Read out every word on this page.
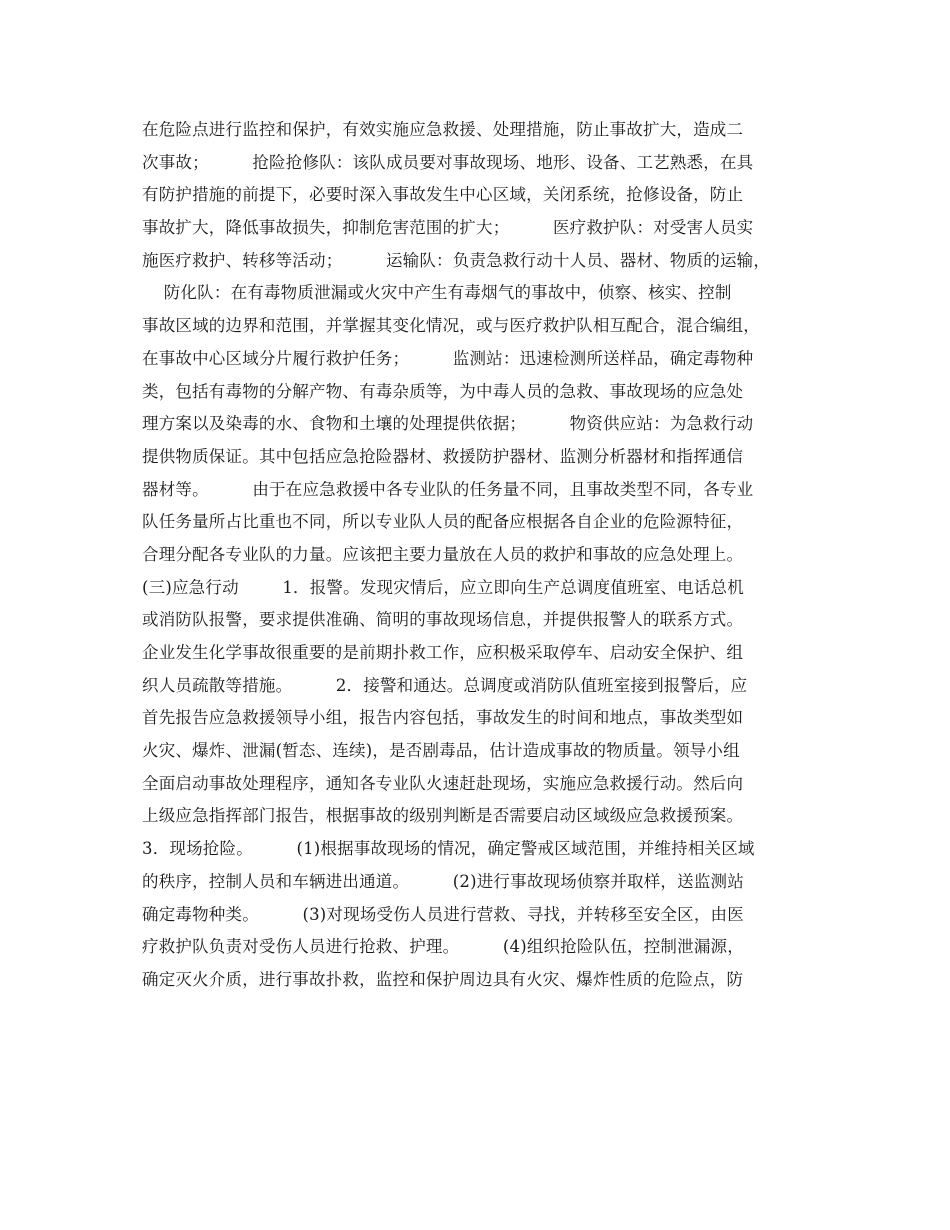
在危险点进行监控和保护，有效实施应急救援、处理措施，防止事故扩大，造成二
次事故；        抢险抢修队：该队成员要对事故现场、地形、设备、工艺熟悉，在具
有防护措施的前提下，必要时深入事故发生中心区域，关闭系统，抢修设备，防止
事故扩大，降低事故损失，抑制危害范围的扩大；        医疗救护队：对受害人员实
施医疗救护、转移等活动；        运输队：负责急救行动十人员、器材、物质的运输，
防化队：在有毒物质泄漏或火灾中产生有毒烟气的事故中，侦察、核实、控制
事故区域的边界和范围，并掌握其变化情况，或与医疗救护队相互配合，混合编组，
在事故中心区域分片履行救护任务；        监测站：迅速检测所送样品，确定毒物种
类，包括有毒物的分解产物、有毒杂质等，为中毒人员的急救、事故现场的应急处
理方案以及染毒的水、食物和土壤的处理提供依据；        物资供应站：为急救行动
提供物质保证。其中包括应急抢险器材、救援防护器材、监测分析器材和指挥通信
器材等。        由于在应急救援中各专业队的任务量不同，且事故类型不同，各专业
队任务量所占比重也不同，所以专业队人员的配备应根据各自企业的危险源特征，
合理分配各专业队的力量。应该把主要力量放在人员的救护和事故的应急处理上。
(三)应急行动        1．报警。发现灾情后，应立即向生产总调度值班室、电话总机
或消防队报警，要求提供准确、简明的事故现场信息，并提供报警人的联系方式。
企业发生化学事故很重要的是前期扑救工作，应积极采取停车、启动安全保护、组
织人员疏散等措施。        2．接警和通达。总调度或消防队值班室接到报警后，应
首先报告应急救援领导小组，报告内容包括，事故发生的时间和地点，事故类型如
火灾、爆炸、泄漏(暂态、连续)，是否剧毒品，估计造成事故的物质量。领导小组
全面启动事故处理程序，通知各专业队火速赶赴现场，实施应急救援行动。然后向
上级应急指挥部门报告，根据事故的级别判断是否需要启动区域级应急救援预案。
3．现场抢险。        (1)根据事故现场的情况，确定警戒区域范围，并维持相关区域
的秩序，控制人员和车辆进出通道。        (2)进行事故现场侦察并取样，送监测站
确定毒物种类。        (3)对现场受伤人员进行营救、寻找，并转移至安全区，由医
疗救护队负责对受伤人员进行抢救、护理。        (4)组织抢险队伍，控制泄漏源，
确定灭火介质，进行事故扑救，监控和保护周边具有火灾、爆炸性质的危险点，防
